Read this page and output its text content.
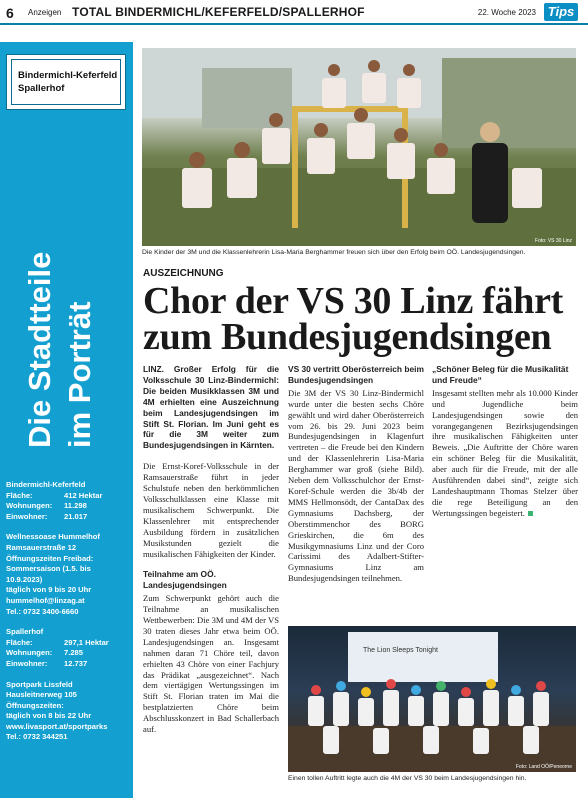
6 Anzeigen TOTAL BINDERMICHL/KEFERFELD/SPALLERHOF	22. Woche 2023 Tips
Bindermichl-Keferfeld
Spallerhof
Die Stadtteile im Porträt
Bindermichl-Keferfeld
Fläche:	412 Hektar
Wohnungen:	11.298
Einwohner:	21.017
Wellnessoase Hummelhof
Ramsauerstraße 12
Öffnungszeiten Freibad:
Sommersaison (1.5. bis
10.9.2023)
täglich von 9 bis 20 Uhr
hummelhof@linzag.at
Tel.: 0732 3400-6660
Spallerhof
Fläche:	297,1 Hektar
Wohnungen:	7.285
Einwohner:	12.737
Sportpark Lissfeld
Hausleitnerweg 105
Öffnungszeiten:
täglich von 8 bis 22 Uhr
www.livasport.at/sportparks
Tel.: 0732 344251
Foto: VS 30 Linz
Die Kinder der 3M und die Klassenlehrerin Lisa-Maria Berghammer freuen sich über den Erfolg beim OÖ. Landesjugendsingen.
AUSZEICHNUNG
Chor der VS 30 Linz fährt zum Bundesjugendsingen

LINZ. Großer Erfolg für die Volksschule 30 Linz-Bindermichl: Die beiden Musikklassen 3M und 4M erhielten eine Auszeichnung beim Landesjugendsingen im Stift St. Florian. Im Juni geht es für die 3M weiter zum Bundesjugendsingen in Kärnten.

Die Ernst-Koref-Volksschule in der Ramsauerstraße führt in jeder Schulstufe neben den herkömmlichen Volksschulklassen eine Klasse mit musikalischem Schwerpunkt. Die Klassenlehrer mit entsprechender Ausbildung fördern in zusätzlichen Musikstunden gezielt die musikalischen Fähigkeiten der Kinder.

Teilnahme am OÖ. Landesjugendsingen

Zum Schwerpunkt gehört auch die Teilnahme an musikalischen Wettbewerben: Die 3M und 4M der VS 30 traten dieses Jahr etwa beim OÖ. Landesjugendsingen an. Insgesamt nahmen daran 71 Chöre teil, davon erhielten 43 Chöre von einer Fachjury das Prädikat „ausgezeichnet“. Nach dem viertägigen Wertungssingen im Stift St. Florian traten im Mai die bestplatzierten Chöre beim Abschlusskonzert in Bad Schallerbach auf.

VS 30 vertritt Oberösterreich beim Bundesjugendsingen

Die 3M der VS 30 Linz-Bindermichl wurde unter die besten sechs Chöre gewählt und wird daher Oberösterreich vom 26. bis 29. Juni 2023 beim Bundesjugendsingen in Klagenfurt vertreten – die Freude bei den Kindern und der Klassenlehrerin Lisa-Maria Berghammer war groß (siehe Bild). Neben dem Volksschulchor der Ernst-Koref-Schule werden die 3b/4b der MMS Hellmonsödt, der CantaDax des Gymnasiums Dachsberg, der Oberstimmenchor des BORG Grieskirchen, die 6m des Musikgymnasiums Linz und der Coro Carissimi des Adalbert-Stifter-Gymnasiums Linz am Bundesjugendsingen teilnehmen.

„Schöner Beleg für die Musikalität und Freude“

Insgesamt stellten mehr als 10.000 Kinder und Jugendliche beim Landesjugendsingen sowie den vorangegangenen Bezirksjugendsingen ihre musikalischen Fähigkeiten unter Beweis. „Die Auftritte der Chöre waren ein schöner Beleg für die Musikalität, aber auch für die Freude, mit der alle Ausführenden dabei sind“, zeigte sich Landeshauptmann Thomas Stelzer über die rege Beteiligung an den Wertungssingen begeistert.

The Lion Sleeps Tonight
Foto: Land OÖ/Peneorne
Einen tollen Auftritt legte auch die 4M der VS 30 beim Landesjugendsingen hin.
